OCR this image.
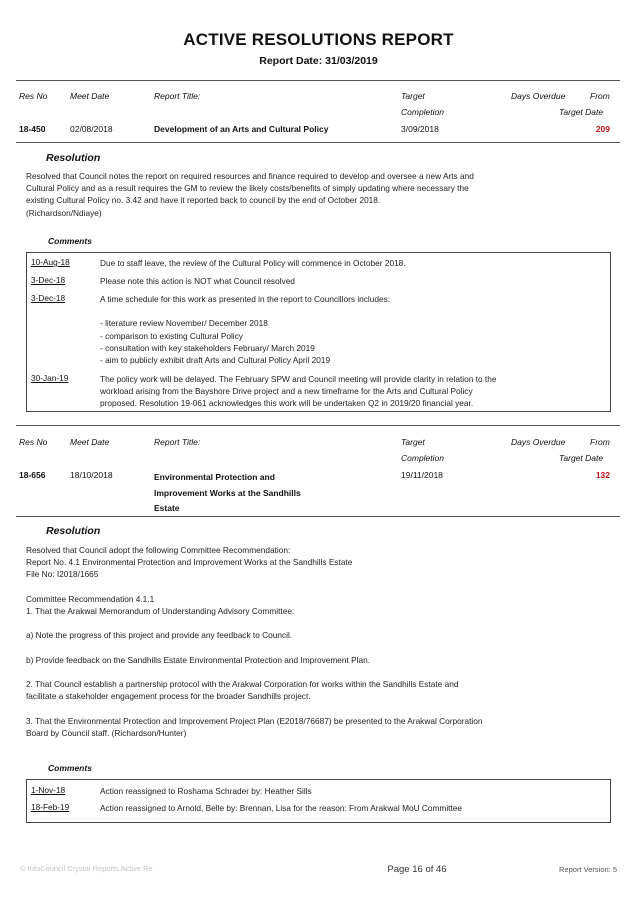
ACTIVE RESOLUTIONS REPORT
Report Date: 31/03/2019
Res No	Meet Date	Report Title:	Target
Completion
Days Overdue	From
Target Date
18-450	02/08/2018	Development of an Arts and Cultural Policy	3/09/2018	209
Resolution
Resolved that Council notes the report on required resources and finance required to develop and oversee a new Arts and
Cultural Policy and as a result requires the GM to review the likely costs/benefits of simply updating where necessary the
existing Cultural Policy no. 3.42 and have it reported back to council by the end of October 2018.
(Richardson/Ndiaye)
Comments
10-Aug-18	Due to staff leave, the review of the Cultural Policy will commence in October 2018.
3-Dec-18	Please note this action is NOT what Council resolved
3-Dec-18	A time schedule for this work as presented in the report to Councillors includes:
- literature review November/ December 2018
- comparison to existing Cultural Policy
- consultation with key stakeholders February/ March 2019
- aim to publicly exhibit draft Arts and Cultural Policy April 2019
30-Jan-19	The policy work will be delayed. The February SPW and Council meeting will provide clarity in relation to the
workload arising from the Bayshore Drive project and a new timeframe for the Arts and Cultural Policy
proposed. Resolution 19-061 acknowledges this work will be undertaken Q2 in 2019/20 financial year.
Res No	Meet Date	Report Title:	Target
Completion
Days Overdue	From
Target Date
18-656	18/10/2018	Environmental Protection and
Improvement Works at the Sandhills
Estate
19/11/2018	132
Resolution
Resolved that Council adopt the following Committee Recommendation:
Report No. 4.1 Environmental Protection and Improvement Works at the Sandhills Estate
File No: I2018/1665
Committee Recommendation 4.1.1
1. That the Arakwal Memorandum of Understanding Advisory Committee:
a) Note the progress of this project and provide any feedback to Council.
b) Provide feedback on the Sandhills Estate Environmental Protection and Improvement Plan.
2. That Council establish a partnership protocol with the Arakwal Corporation for works within the Sandhills Estate and
facilitate a stakeholder engagement process for the broader Sandhills project.
3. That the Environmental Protection and Improvement Project Plan (E2018/76687) be presented to the Arakwal Corporation
Board by Council staff. (Richardson/Hunter)
Comments
1-Nov-18	Action reassigned to Roshama Schrader by: Heather Sills
18-Feb-19	Action reassigned to Arnold, Belle by: Brennan, Lisa for the reason: From Arakwal MoU Committee
© InfoCouncil Crystal Reports Active Re	Page 16 of 46	Report Version: 5
